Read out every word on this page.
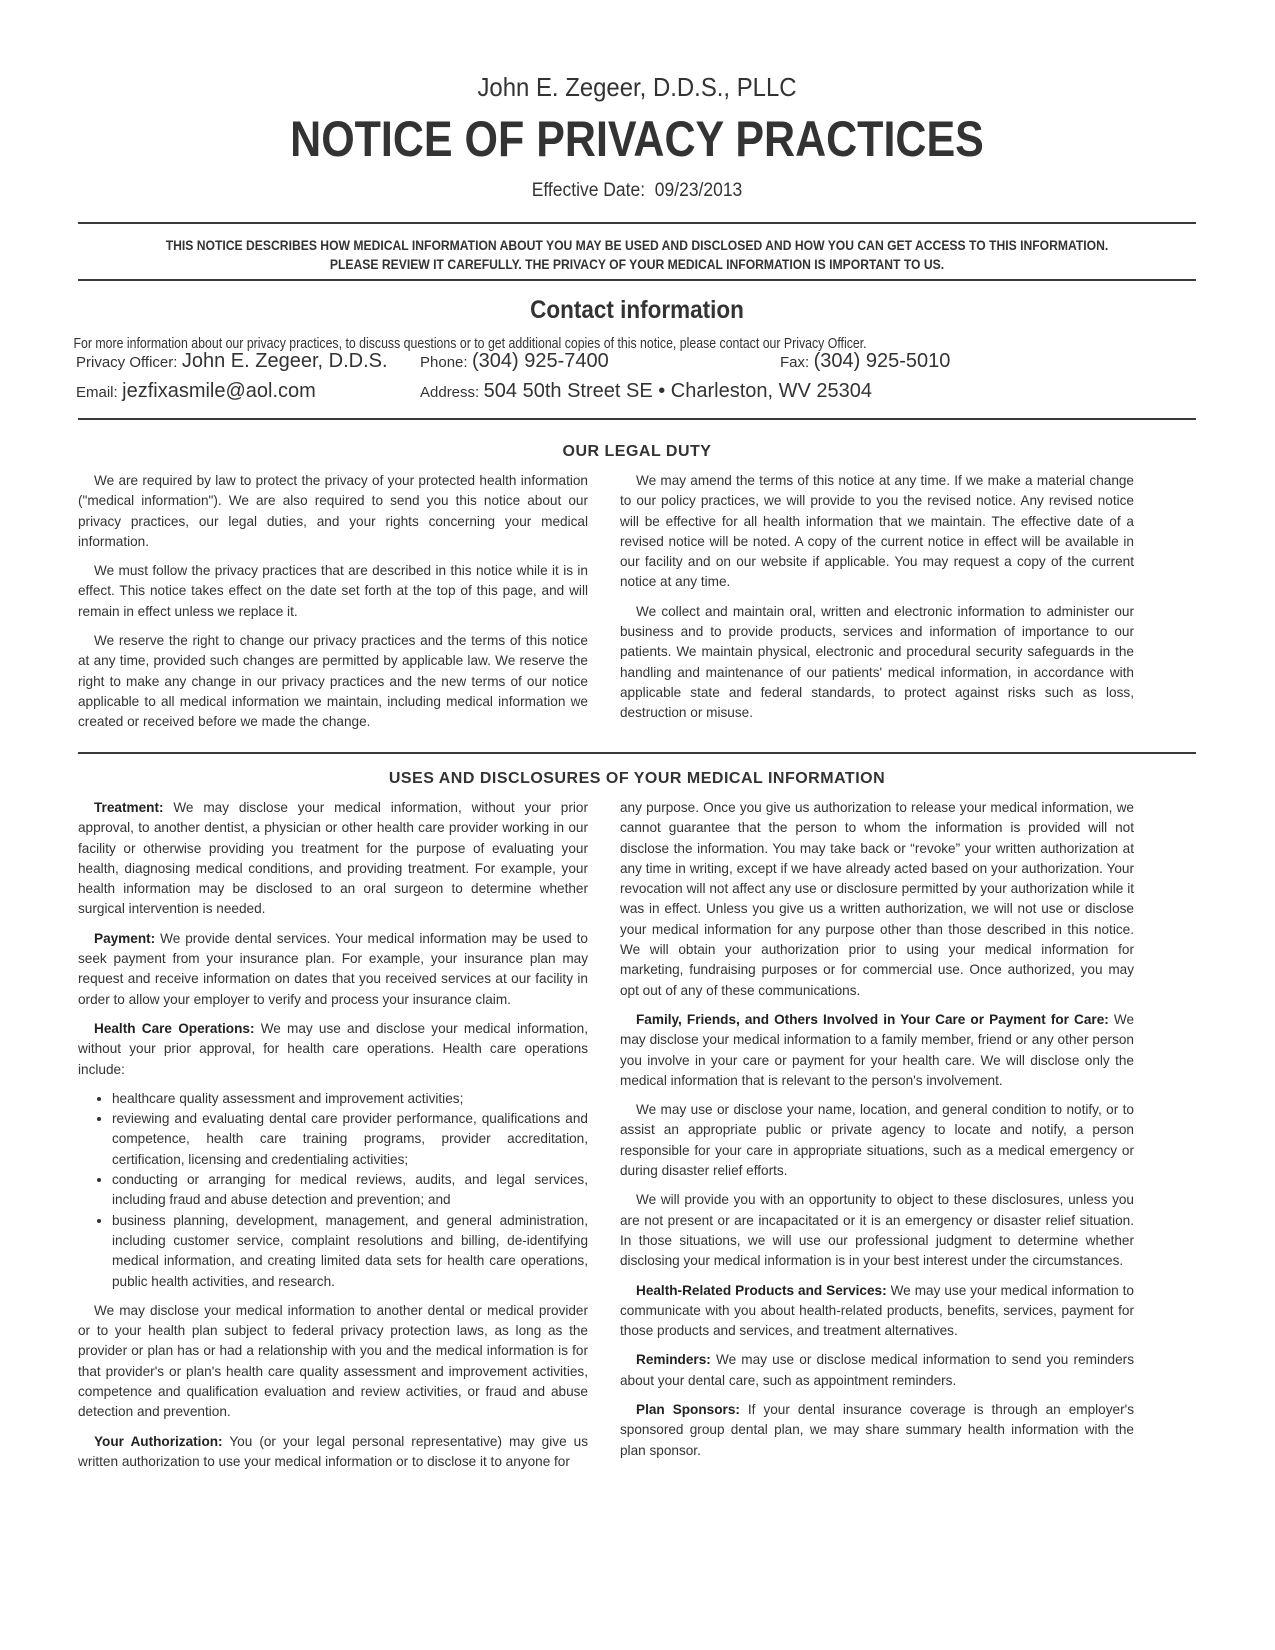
John E. Zegeer, D.D.S., PLLC
NOTICE OF PRIVACY PRACTICES
Effective Date: 09/23/2013
THIS NOTICE DESCRIBES HOW MEDICAL INFORMATION ABOUT YOU MAY BE USED AND DISCLOSED AND HOW YOU CAN GET ACCESS TO THIS INFORMATION.
PLEASE REVIEW IT CAREFULLY. THE PRIVACY OF YOUR MEDICAL INFORMATION IS IMPORTANT TO US.
Contact information
For more information about our privacy practices, to discuss questions or to get additional copies of this notice, please contact our Privacy Officer.
Privacy Officer: John E. Zegeer, D.D.S. Phone: (304) 925-7400	Fax: (304) 925-5010
Email: jezfixasmile@aol.com	Address: 504 50th Street SE • Charleston, WV 25304
OUR LEGAL DUTY

We are required by law to protect the privacy of your protected health information ("medical information"). We are also required to send you this notice about our privacy practices, our legal duties, and your rights concerning your medical information.

We must follow the privacy practices that are described in this notice while it is in effect. This notice takes effect on the date set forth at the top of this page, and will remain in effect unless we replace it.

We reserve the right to change our privacy practices and the terms of this notice at any time, provided such changes are permitted by applicable law. We reserve the right to make any change in our privacy practices and the new terms of our notice applicable to all medical information we maintain, including medical information we created or received before we made the change.

We may amend the terms of this notice at any time. If we make a material change to our policy practices, we will provide to you the revised notice. Any revised notice will be effective for all health information that we maintain. The effective date of a revised notice will be noted. A copy of the current notice in effect will be available in our facility and on our website if applicable. You may request a copy of the current notice at any time.

We collect and maintain oral, written and electronic information to administer our business and to provide products, services and information of importance to our patients. We maintain physical, electronic and procedural security safeguards in the handling and maintenance of our patients' medical information, in accordance with applicable state and federal standards, to protect against risks such as loss, destruction or misuse.

USES AND DISCLOSURES OF YOUR MEDICAL INFORMATION

Treatment: We may disclose your medical information, without your prior approval, to another dentist, a physician or other health care provider working in our facility or otherwise providing you treatment for the purpose of evaluating your health, diagnosing medical conditions, and providing treatment. For example, your health information may be disclosed to an oral surgeon to determine whether surgical intervention is needed.

Payment: We provide dental services. Your medical information may be used to seek payment from your insurance plan. For example, your insurance plan may request and receive information on dates that you received services at our facility in order to allow your employer to verify and process your insurance claim.

Health Care Operations: We may use and disclose your medical information, without your prior approval, for health care operations. Health care operations include:

• healthcare quality assessment and improvement activities;
• reviewing and evaluating dental care provider performance, qualifications and competence, health care training programs, provider accreditation, certification, licensing and credentialing activities;
• conducting or arranging for medical reviews, audits, and legal services, including fraud and abuse detection and prevention; and
• business planning, development, management, and general administration, including customer service, complaint resolutions and billing, de-identifying medical information, and creating limited data sets for health care operations, public health activities, and research.

We may disclose your medical information to another dental or medical provider or to your health plan subject to federal privacy protection laws, as long as the provider or plan has or had a relationship with you and the medical information is for that provider's or plan's health care quality assessment and improvement activities, competence and qualification evaluation and review activities, or fraud and abuse detection and prevention.

Your Authorization: You (or your legal personal representative) may give us written authorization to use your medical information or to disclose it to anyone for

any purpose. Once you give us authorization to release your medical information, we cannot guarantee that the person to whom the information is provided will not disclose the information. You may take back or “revoke” your written authorization at any time in writing, except if we have already acted based on your authorization. Your revocation will not affect any use or disclosure permitted by your authorization while it was in effect. Unless you give us a written authorization, we will not use or disclose your medical information for any purpose other than those described in this notice. We will obtain your authorization prior to using your medical information for marketing, fundraising purposes or for commercial use. Once authorized, you may opt out of any of these communications.

Family, Friends, and Others Involved in Your Care or Payment for Care: We may disclose your medical information to a family member, friend or any other person you involve in your care or payment for your health care. We will disclose only the medical information that is relevant to the person's involvement.

We may use or disclose your name, location, and general condition to notify, or to assist an appropriate public or private agency to locate and notify, a person responsible for your care in appropriate situations, such as a medical emergency or during disaster relief efforts.

We will provide you with an opportunity to object to these disclosures, unless you are not present or are incapacitated or it is an emergency or disaster relief situation. In those situations, we will use our professional judgment to determine whether disclosing your medical information is in your best interest under the circumstances.

Health-Related Products and Services: We may use your medical information to communicate with you about health-related products, benefits, services, payment for those products and services, and treatment alternatives.

Reminders: We may use or disclose medical information to send you reminders about your dental care, such as appointment reminders.

Plan Sponsors: If your dental insurance coverage is through an employer's sponsored group dental plan, we may share summary health information with the plan sponsor.
